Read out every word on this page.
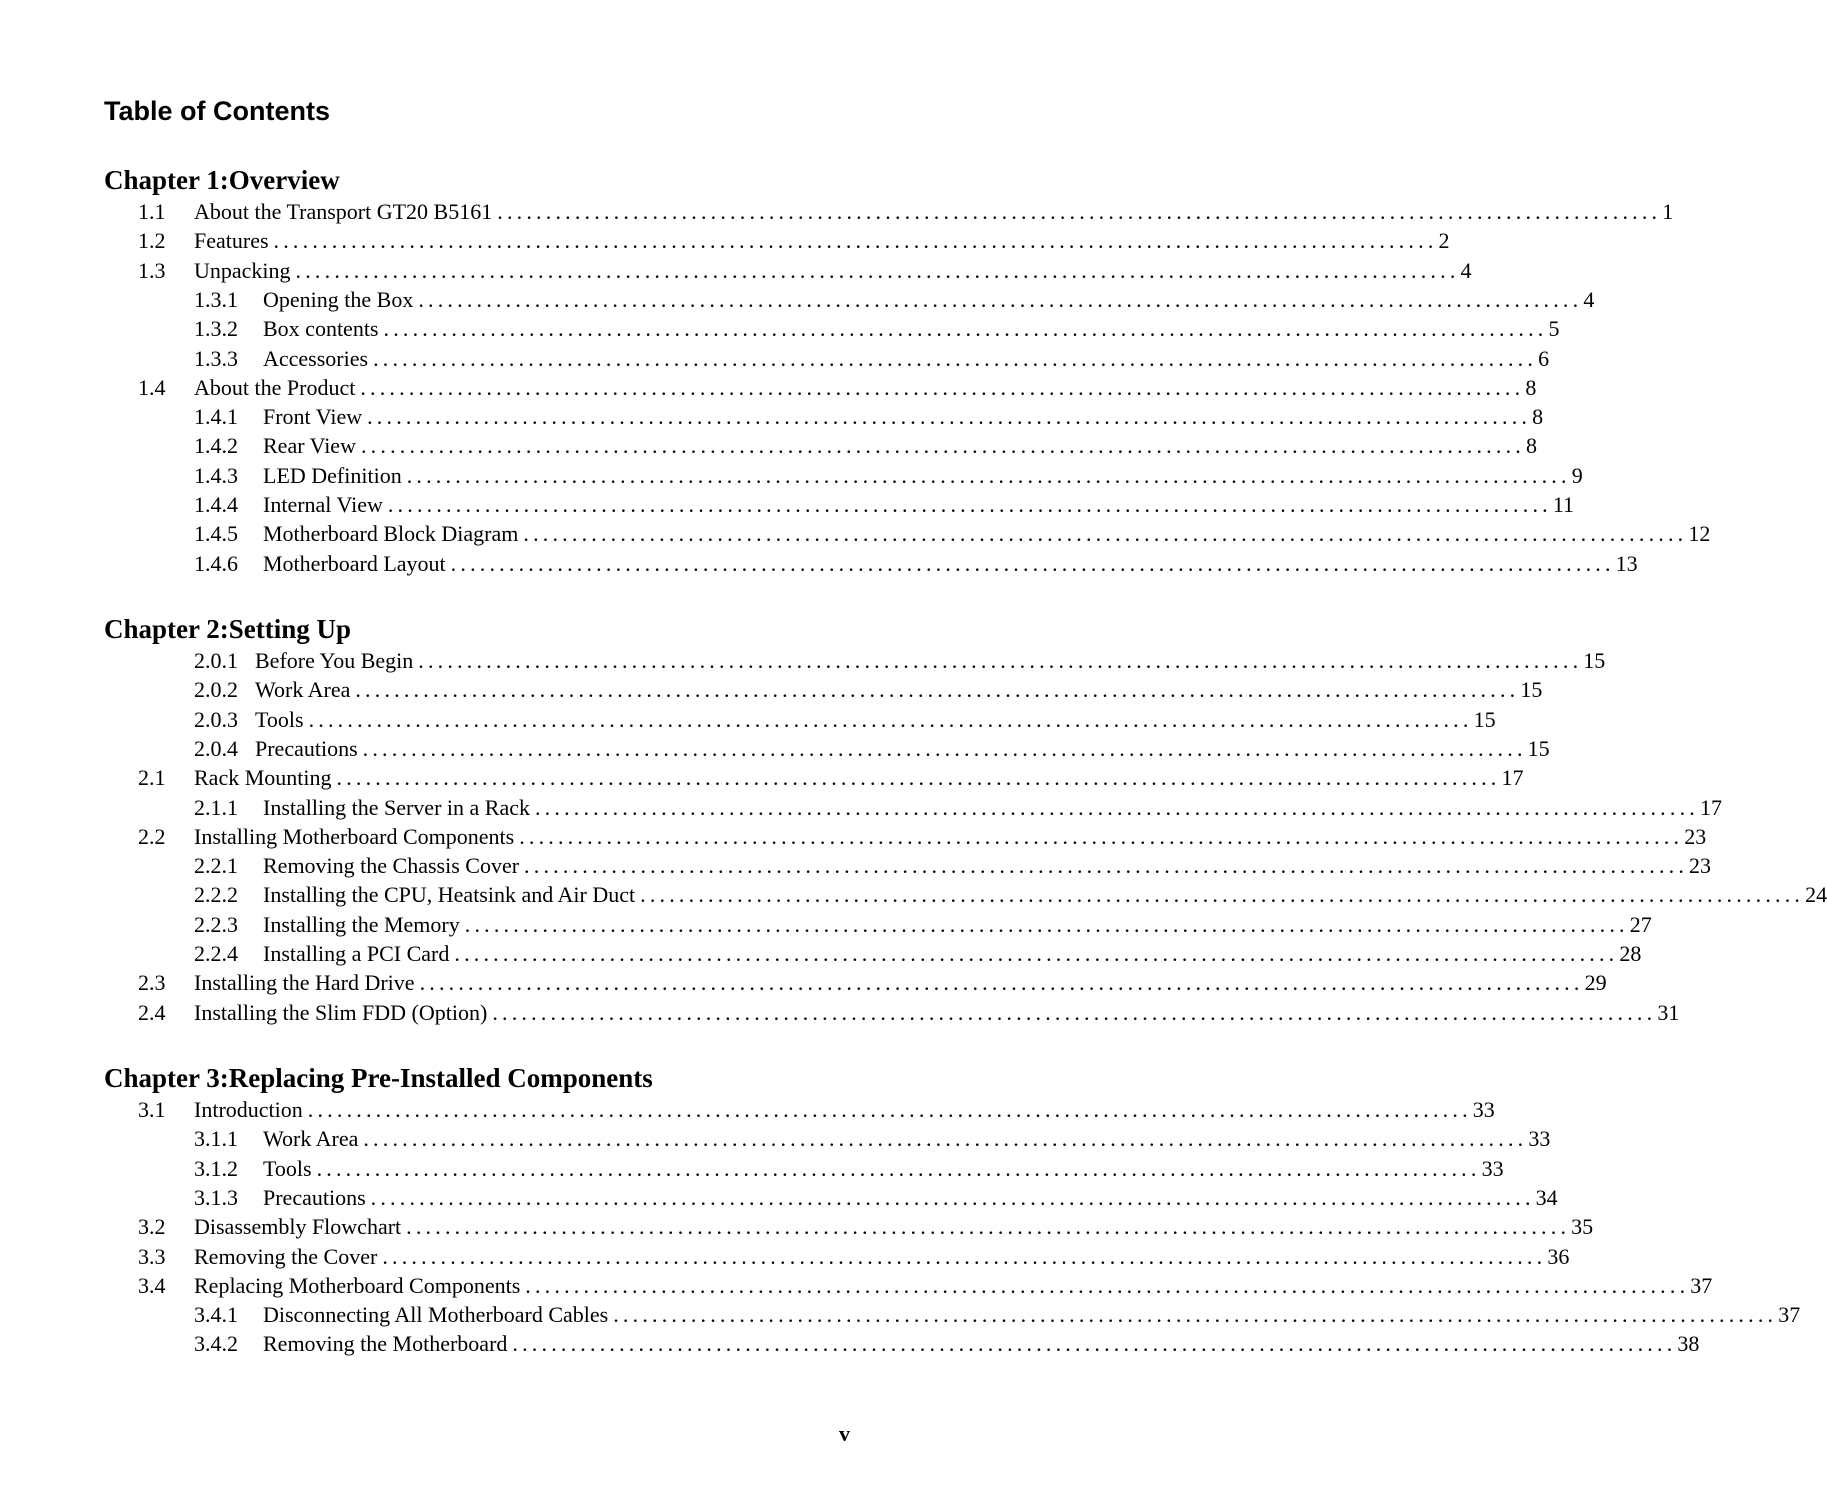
Table of Contents
Chapter 1:Overview
1.1 About the Transport GT20 B5161 ........................................................................................................................ 1
1.2 Features ........................................................................................................................ 2
1.3 Unpacking ........................................................................................................................ 4
1.3.1 Opening the Box ........................................................................................................................ 4
1.3.2 Box contents ........................................................................................................................ 5
1.3.3 Accessories ........................................................................................................................ 6
1.4 About the Product ........................................................................................................................ 8
1.4.1 Front View ........................................................................................................................ 8
1.4.2 Rear View ........................................................................................................................ 8
1.4.3 LED Definition ........................................................................................................................ 9
1.4.4 Internal View ........................................................................................................................ 11
1.4.5 Motherboard Block Diagram ........................................................................................................................ 12
1.4.6 Motherboard Layout ........................................................................................................................ 13
Chapter 2:Setting Up
2.0.1 Before You Begin ........................................................................................................................ 15
2.0.2 Work Area ........................................................................................................................ 15
2.0.3 Tools ........................................................................................................................ 15
2.0.4 Precautions ........................................................................................................................ 15
2.1 Rack Mounting ........................................................................................................................ 17
2.1.1 Installing the Server in a Rack ........................................................................................................................ 17
2.2 Installing Motherboard Components ........................................................................................................................ 23
2.2.1 Removing the Chassis Cover ........................................................................................................................ 23
2.2.2 Installing the CPU, Heatsink and Air Duct ........................................................................................................................ 24
2.2.3 Installing the Memory ........................................................................................................................ 27
2.2.4 Installing a PCI Card ........................................................................................................................ 28
2.3 Installing the Hard Drive ........................................................................................................................ 29
2.4 Installing the Slim FDD (Option) ........................................................................................................................ 31
Chapter 3:Replacing Pre-Installed Components
3.1 Introduction ........................................................................................................................ 33
3.1.1 Work Area ........................................................................................................................ 33
3.1.2 Tools ........................................................................................................................ 33
3.1.3 Precautions ........................................................................................................................ 34
3.2 Disassembly Flowchart ........................................................................................................................ 35
3.3 Removing the Cover ........................................................................................................................ 36
3.4 Replacing Motherboard Components ........................................................................................................................ 37
3.4.1 Disconnecting All Motherboard Cables ........................................................................................................................ 37
3.4.2 Removing the Motherboard ........................................................................................................................ 38
v
